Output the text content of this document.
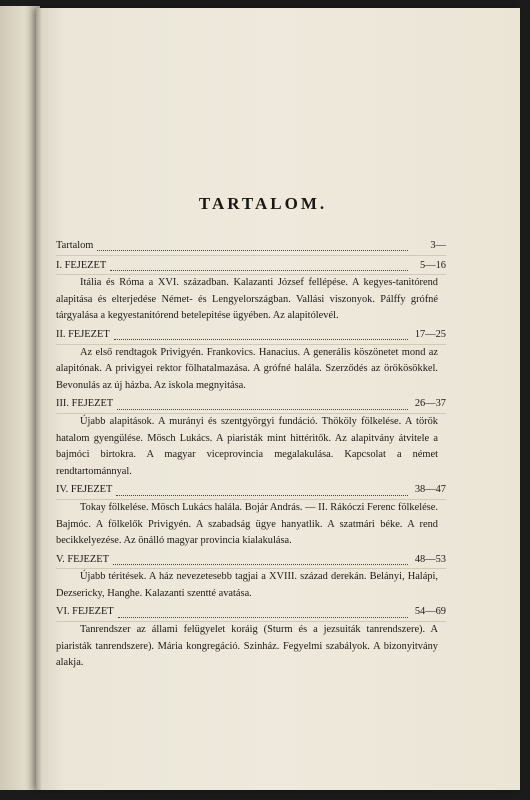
TARTALOM.
Tartalom	3—
I. FEJEZET	5—16
Itália és Róma a XVI. században. Kalazanti József fellépése. A kegyes-tanitórend alapitása és elterjedése Német- és Lengyelországban. Vallási viszonyok. Pálffy grófné tárgyalása a kegyestanitórend betelepitése ügyében. Az alapitólevél.
II. FEJEZET	17—25
Az első rendtagok Privigyén. Frankovics. Hanacius. A generális köszönetet mond az alapitónak. A privigyei rektor fölhatalmazása. A grófné halála. Szerződés az örökösökkel. Bevonulás az új házba. Az iskola megnyitása.
III. FEJEZET	26—37
Újabb alapitások. A murányi és szentgyörgyi fundáció. Thököly fölkelése. A török hatalom gyengülése. Mösch Lukács. A piaristák mint hittéritők. Az alapitvány átvitele a bajmóci birtokra. A magyar viceprovincia megalakulása. Kapcsolat a német rendtartománnyal.
IV. FEJEZET	38—47
Tokay fölkelése. Mösch Lukács halála. Bojár András. — II. Rákóczi Ferenc fölkelése. Bajmóc. A fölkelők Privigyén. A szabadság ügye hanyatlik. A szatmári béke. A rend becikkelyezése. Az önálló magyar provincia kialakulása.
V. FEJEZET	48—53
Újabb téritések. A ház nevezetesebb tagjai a XVIII. század derekán. Belányi, Halápi, Dezsericky, Hanghe. Kalazanti szentté avatása.
VI. FEJEZET	54—69
Tanrendszer az állami felügyelet koráig (Sturm és a jezsuiták tanrendszere). A piaristák tanrendszere). Mária kongregáció. Szinház. Fegyelmi szabályok. A bizonyitvány alakja.
